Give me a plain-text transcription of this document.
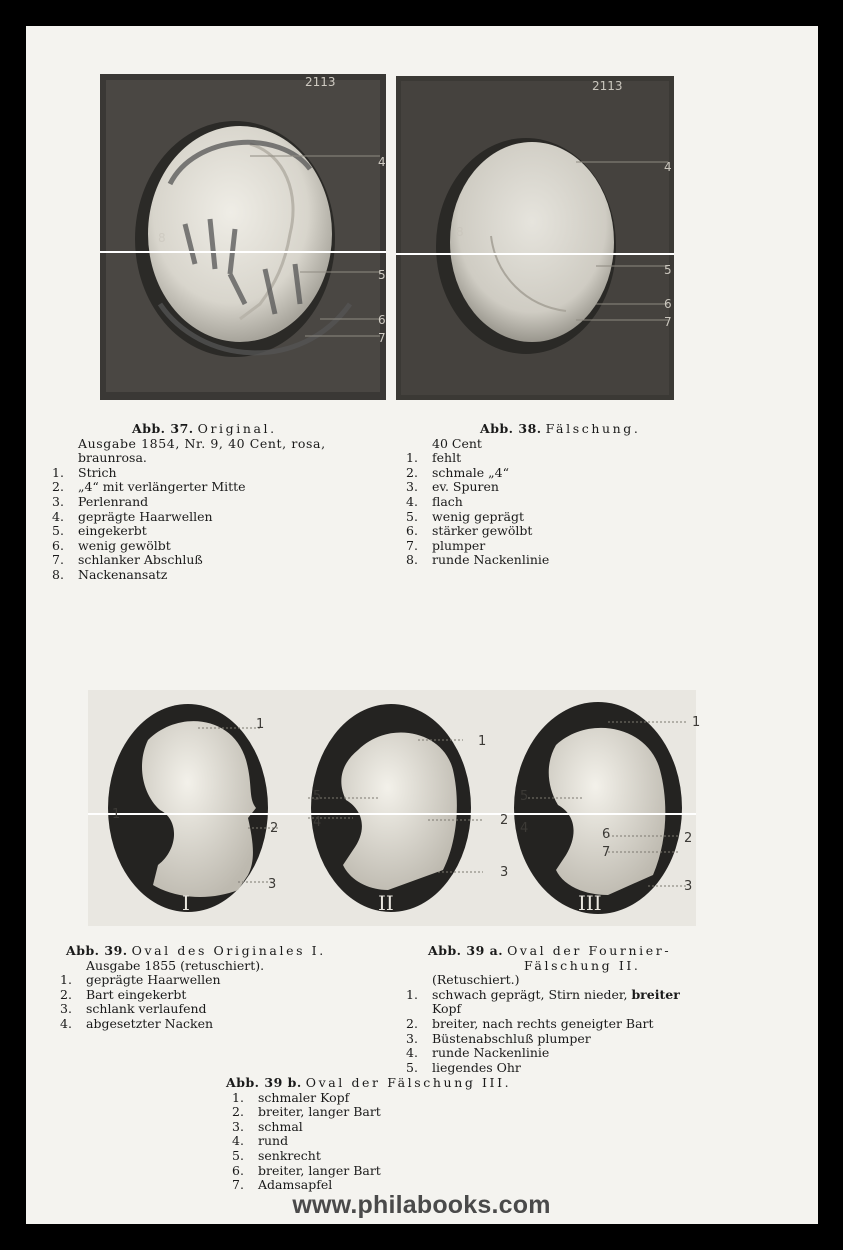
8
4
5
6
7
2113
8
4
5
6
7
2113
Abb. 37. Original.
Ausgabe 1854, Nr. 9, 40 Cent, rosa,
braunrosa.
1.	Strich
2.	„4“ mit verlängerter Mitte
3.	Perlenrand
4.	geprägte Haarwellen
5.	eingekerbt
6.	wenig gewölbt
7.	schlanker Abschluß
8.	Nackenansatz
Abb. 38. Fälschung.
40 Cent
1.	fehlt
2.	schmale „4“
3.	ev. Spuren
4.	flach
5.	wenig geprägt
6.	stärker gewölbt
7.	plumper
8.	runde Nackenlinie
I	II	III
1
1
2
3
5
4
1
2
3
1
5
4	6
7
2
3
Abb. 39. Oval des Originales I.
Ausgabe 1855 (retuschiert).
1.	geprägte Haarwellen
2.	Bart eingekerbt
3.	schlank verlaufend
4.	abgesetzter Nacken
Abb. 39 a. Oval der Fournier-
Fälschung II.
(Retuschiert.)
1.	schwach geprägt, Stirn nieder, breiter
Kopf
2.	breiter, nach rechts geneigter Bart
3.	Büstenabschluß plumper
4.	runde Nackenlinie
5.	liegendes Ohr
Abb. 39 b. Oval der Fälschung III.
1.	schmaler Kopf
2.	breiter, langer Bart
3.	schmal
4.	rund
5.	senkrecht
6.	breiter, langer Bart
7.	Adamsapfel
www.philabooks.com
